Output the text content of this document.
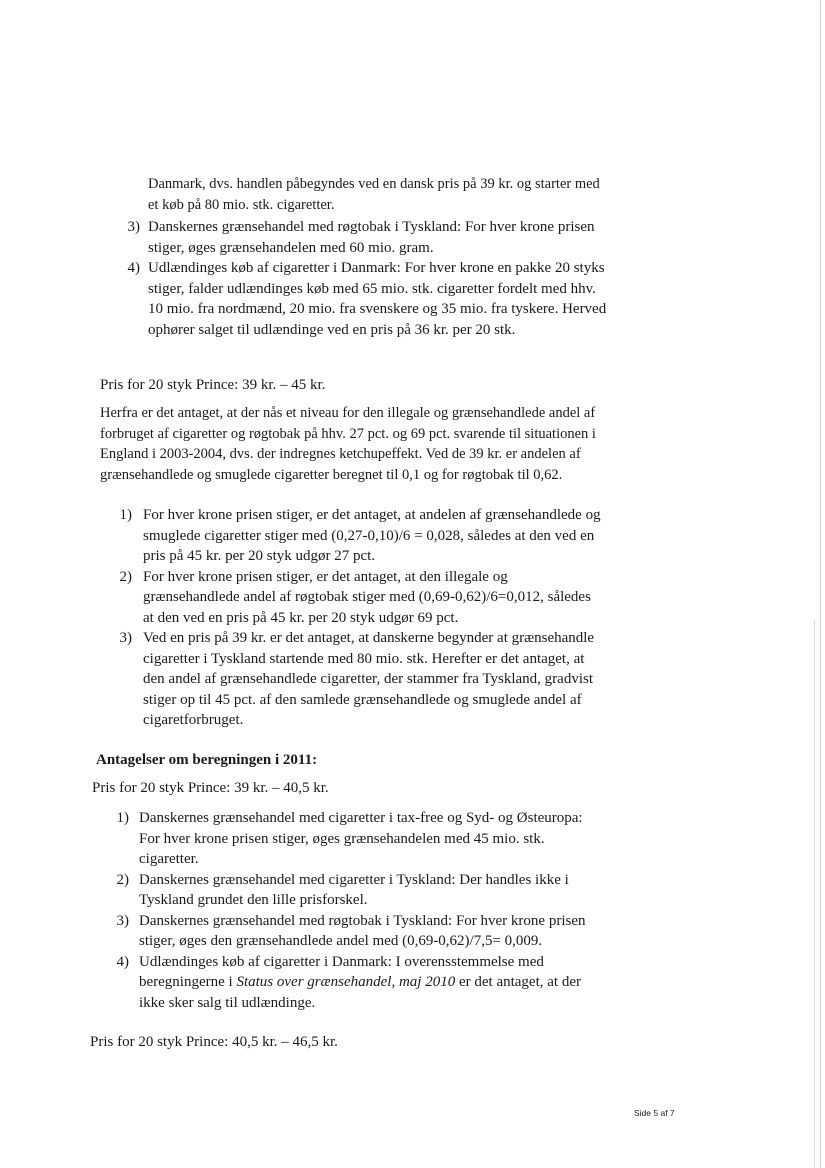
Danmark, dvs. handlen påbegyndes ved en dansk pris på 39 kr. og starter med et køb på 80 mio. stk. cigaretter.

3) Danskernes grænsehandel med røgtobak i Tyskland: For hver krone prisen stiger, øges grænsehandelen med 60 mio. gram.
4) Udlændinges køb af cigaretter i Danmark: For hver krone en pakke 20 styks stiger, falder udlændinges køb med 65 mio. stk. cigaretter fordelt med hhv. 10 mio. fra nordmænd, 20 mio. fra svenskere og 35 mio. fra tyskere. Herved ophører salget til udlændinge ved en pris på 36 kr. per 20 stk.

Pris for 20 styk Prince: 39 kr. – 45 kr.

Herfra er det antaget, at der nås et niveau for den illegale og grænsehandlede andel af forbruget af cigaretter og røgtobak på hhv. 27 pct. og 69 pct. svarende til situationen i England i 2003-2004, dvs. der indregnes ketchupeffekt. Ved de 39 kr. er andelen af grænsehandlede og smuglede cigaretter beregnet til 0,1 og for røgtobak til 0,62.

1) For hver krone prisen stiger, er det antaget, at andelen af grænsehandlede og smuglede cigaretter stiger med (0,27-0,10)/6 = 0,028, således at den ved en pris på 45 kr. per 20 styk udgør 27 pct.
2) For hver krone prisen stiger, er det antaget, at den illegale og grænsehandlede andel af røgtobak stiger med (0,69-0,62)/6=0,012, således at den ved en pris på 45 kr. per 20 styk udgør 69 pct.
3) Ved en pris på 39 kr. er det antaget, at danskerne begynder at grænsehandle cigaretter i Tyskland startende med 80 mio. stk. Herefter er det antaget, at den andel af grænsehandlede cigaretter, der stammer fra Tyskland, gradvist stiger op til 45 pct. af den samlede grænsehandlede og smuglede andel af cigaretforbruget.

Antagelser om beregningen i 2011:

Pris for 20 styk Prince: 39 kr. – 40,5 kr.

1) Danskernes grænsehandel med cigaretter i tax-free og Syd- og Østeuropa: For hver krone prisen stiger, øges grænsehandelen med 45 mio. stk. cigaretter.
2) Danskernes grænsehandel med cigaretter i Tyskland: Der handles ikke i Tyskland grundet den lille prisforskel.
3) Danskernes grænsehandel med røgtobak i Tyskland: For hver krone prisen stiger, øges den grænsehandlede andel med (0,69-0,62)/7,5= 0,009.
4) Udlændinges køb af cigaretter i Danmark: I overensstemmelse med beregningerne i Status over grænsehandel, maj 2010 er det antaget, at der ikke sker salg til udlændinge.

Pris for 20 styk Prince: 40,5 kr. – 46,5 kr.

Side 5 af 7
